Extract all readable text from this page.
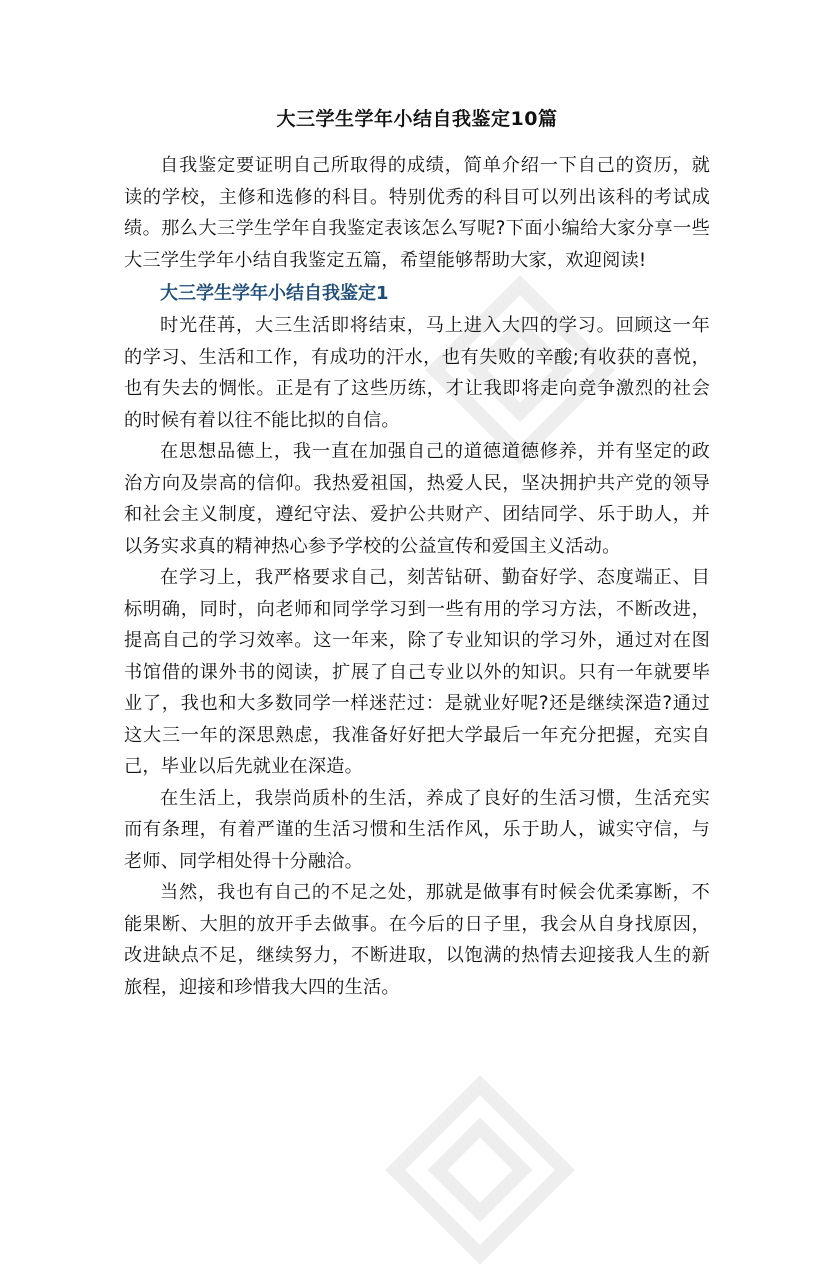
大三学生学年小结自我鉴定10篇

自我鉴定要证明自己所取得的成绩，简单介绍一下自己的资历，就读的学校，主修和选修的科目。特别优秀的科目可以列出该科的考试成绩。那么大三学生学年自我鉴定表该怎么写呢?下面小编给大家分享一些大三学生学年小结自我鉴定五篇，希望能够帮助大家，欢迎阅读!

大三学生学年小结自我鉴定1

时光荏苒，大三生活即将结束，马上进入大四的学习。回顾这一年的学习、生活和工作，有成功的汗水，也有失败的辛酸;有收获的喜悦，也有失去的惆怅。正是有了这些历练，才让我即将走向竞争激烈的社会的时候有着以往不能比拟的自信。

在思想品德上，我一直在加强自己的道德道德修养，并有坚定的政治方向及崇高的信仰。我热爱祖国，热爱人民，坚决拥护共产党的领导和社会主义制度，遵纪守法、爱护公共财产、团结同学、乐于助人，并以务实求真的精神热心参予学校的公益宣传和爱国主义活动。

在学习上，我严格要求自己，刻苦钻研、勤奋好学、态度端正、目标明确，同时，向老师和同学学习到一些有用的学习方法，不断改进，提高自己的学习效率。这一年来，除了专业知识的学习外，通过对在图书馆借的课外书的阅读，扩展了自己专业以外的知识。只有一年就要毕业了，我也和大多数同学一样迷茫过：是就业好呢?还是继续深造?通过这大三一年的深思熟虑，我准备好好把大学最后一年充分把握，充实自己，毕业以后先就业在深造。

在生活上，我崇尚质朴的生活，养成了良好的生活习惯，生活充实而有条理，有着严谨的生活习惯和生活作风，乐于助人，诚实守信，与老师、同学相处得十分融洽。

当然，我也有自己的不足之处，那就是做事有时候会优柔寡断，不能果断、大胆的放开手去做事。在今后的日子里，我会从自身找原因，改进缺点不足，继续努力，不断进取，以饱满的热情去迎接我人生的新旅程，迎接和珍惜我大四的生活。
